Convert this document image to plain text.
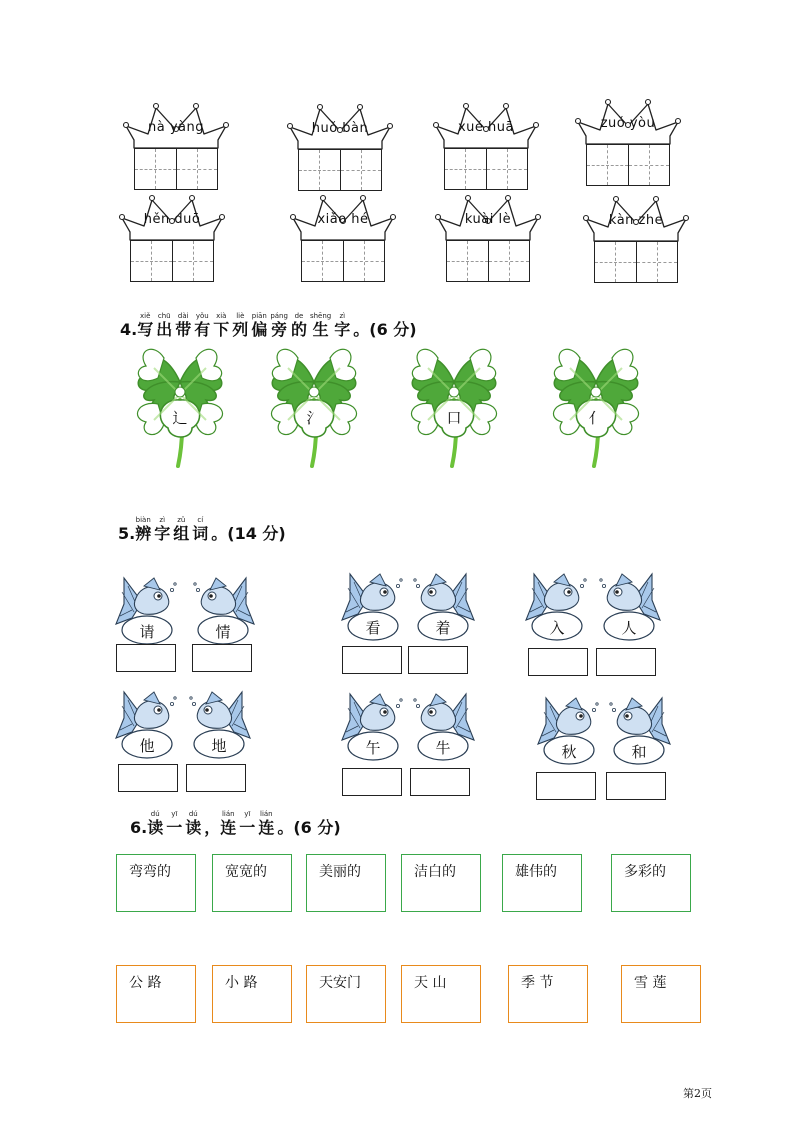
nà yàng	huǒ bàn	xuě huā	zuǒ yòu
hěn duō	xiǎo hé	kuài lè	kàn zhe
4.
xiě
写
chū
出
dài
带
yǒu
有
xià
下
liè
列
piān
偏
páng
旁
de
的
shēng
生
zì
字 。(6 分)
辶	氵	口	亻
5.
biàn
辨
zì
字
zǔ
组
cí
词 。(14 分)
请	情	看	着	入	人
他	地	午	牛	秋	和
6.
dú
读
yī
一
dú
读 ，
lián
连
yī
一
lián
连 。(6 分)
弯弯的	宽宽的	美丽的	洁白的	雄伟的	多彩的
公 路	小 路	天安门	天 山	季 节	雪 莲
第2页
